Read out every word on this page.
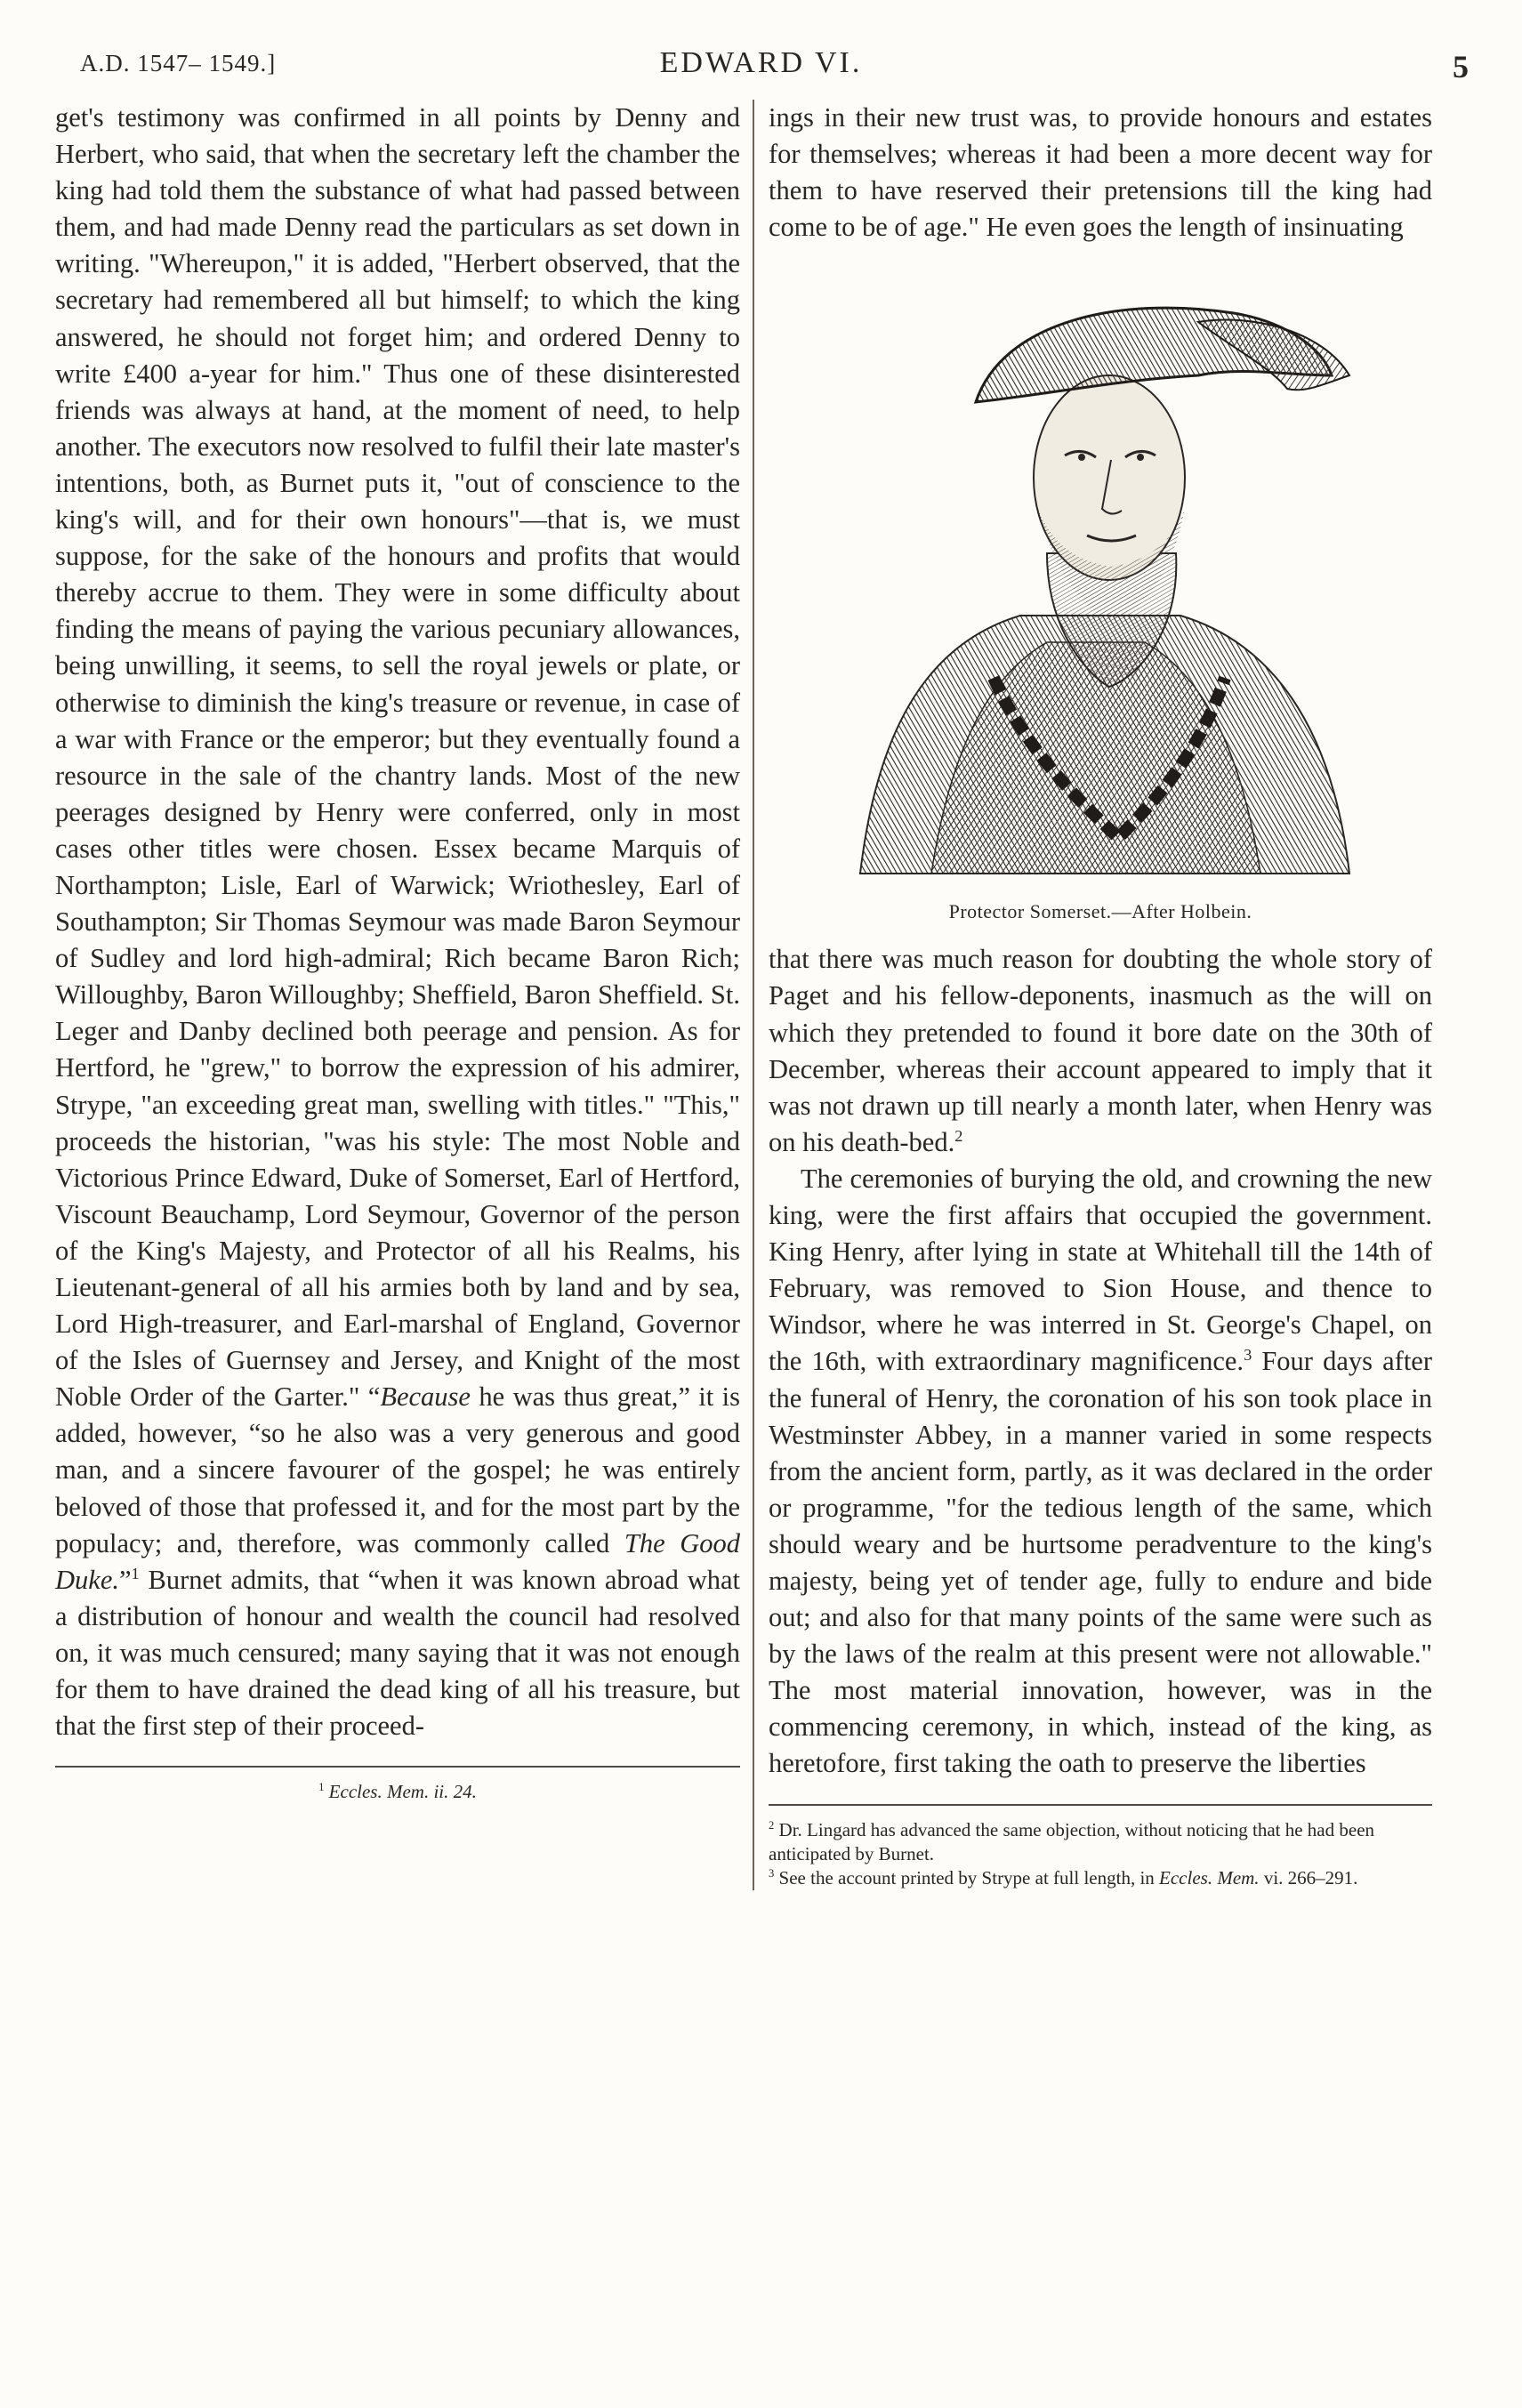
A.D. 1547– 1549.]	EDWARD VI.	5

get's testimony was confirmed in all points by Denny and Herbert, who said, that when the secretary left the chamber the king had told them the substance of what had passed between them, and had made Denny read the particulars as set down in writing. "Whereupon," it is added, "Herbert observed, that the secretary had remembered all but himself; to which the king answered, he should not forget him; and ordered Denny to write £400 a-year for him." Thus one of these disinterested friends was always at hand, at the moment of need, to help another. The executors now resolved to fulfil their late master's intentions, both, as Burnet puts it, "out of conscience to the king's will, and for their own honours"—that is, we must suppose, for the sake of the honours and profits that would thereby accrue to them. They were in some difficulty about finding the means of paying the various pecuniary allowances, being unwilling, it seems, to sell the royal jewels or plate, or otherwise to diminish the king's treasure or revenue, in case of a war with France or the emperor; but they eventually found a resource in the sale of the chantry lands. Most of the new peerages designed by Henry were conferred, only in most cases other titles were chosen. Essex became Marquis of Northampton; Lisle, Earl of Warwick; Wriothesley, Earl of Southampton; Sir Thomas Seymour was made Baron Seymour of Sudley and lord high-admiral; Rich became Baron Rich; Willoughby, Baron Willoughby; Sheffield, Baron Sheffield. St. Leger and Danby declined both peerage and pension. As for Hertford, he "grew," to borrow the expression of his admirer, Strype, "an exceeding great man, swelling with titles." "This," proceeds the historian, "was his style: The most Noble and Victorious Prince Edward, Duke of Somerset, Earl of Hertford, Viscount Beauchamp, Lord Seymour, Governor of the person of the King's Majesty, and Protector of all his Realms, his Lieutenant-general of all his armies both by land and by sea, Lord High-treasurer, and Earl-marshal of England, Governor of the Isles of Guernsey and Jersey, and Knight of the most Noble Order of the Garter." “Because he was thus great,” it is added, however, “so he also was a very generous and good man, and a sincere favourer of the gospel; he was entirely beloved of those that professed it, and for the most part by the populacy; and, therefore, was commonly called The Good Duke.”$^1$ Burnet admits, that “when it was known abroad what a distribution of honour and wealth the council had resolved on, it was much censured; many saying that it was not enough for them to have drained the dead king of all his treasure, but that the first step of their proceed-

$^1$ Eccles. Mem. ii. 24.

ings in their new trust was, to provide honours and estates for themselves; whereas it had been a more decent way for them to have reserved their pretensions till the king had come to be of age." He even goes the length of insinuating

Protector Somerset.—After Holbein.

that there was much reason for doubting the whole story of Paget and his fellow-deponents, inasmuch as the will on which they pretended to found it bore date on the 30th of December, whereas their account appeared to imply that it was not drawn up till nearly a month later, when Henry was on his death-bed.$^2$

The ceremonies of burying the old, and crowning the new king, were the first affairs that occupied the government. King Henry, after lying in state at Whitehall till the 14th of February, was removed to Sion House, and thence to Windsor, where he was interred in St. George's Chapel, on the 16th, with extraordinary magnificence.$^3$ Four days after the funeral of Henry, the coronation of his son took place in Westminster Abbey, in a manner varied in some respects from the ancient form, partly, as it was declared in the order or programme, "for the tedious length of the same, which should weary and be hurtsome peradventure to the king's majesty, being yet of tender age, fully to endure and bide out; and also for that many points of the same were such as by the laws of the realm at this present were not allowable." The most material innovation, however, was in the commencing ceremony, in which, instead of the king, as heretofore, first taking the oath to preserve the liberties

$^2$ Dr. Lingard has advanced the same objection, without noticing that he had been anticipated by Burnet.
$^3$ See the account printed by Strype at full length, in Eccles. Mem. vi. 266–291.
